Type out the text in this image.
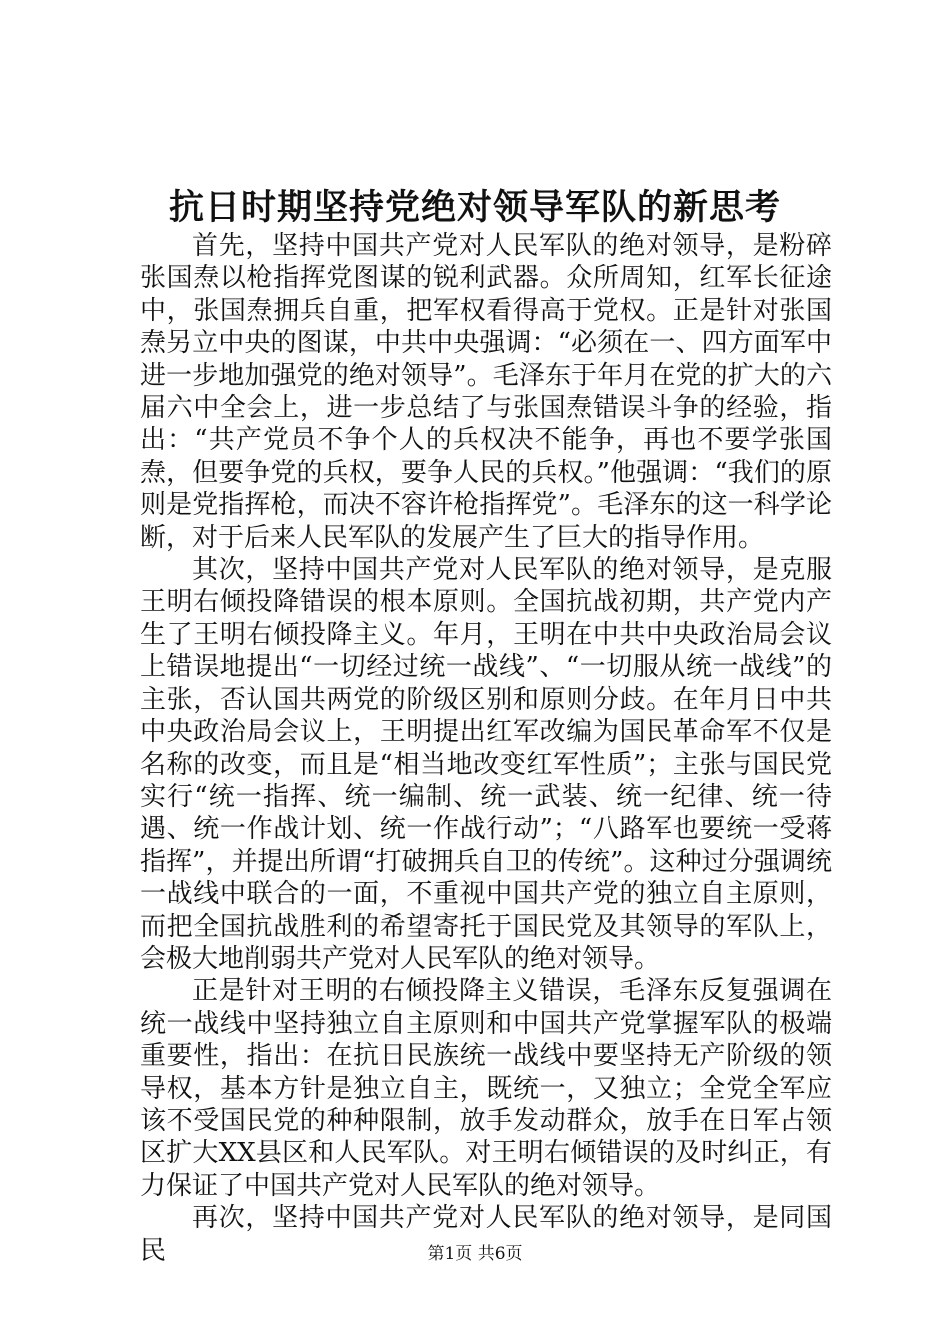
抗日时期坚持党绝对领导军队的新思考

首先，坚持中国共产党对人民军队的绝对领导，是粉碎张国焘以枪指挥党图谋的锐利武器。众所周知，红军长征途中，张国焘拥兵自重，把军权看得高于党权。正是针对张国焘另立中央的图谋，中共中央强调：“必须在一、四方面军中进一步地加强党的绝对领导”。毛泽东于年月在党的扩大的六届六中全会上，进一步总结了与张国焘错误斗争的经验，指出：“共产党员不争个人的兵权决不能争，再也不要学张国焘，但要争党的兵权，要争人民的兵权。”他强调：“我们的原则是党指挥枪，而决不容许枪指挥党”。毛泽东的这一科学论断，对于后来人民军队的发展产生了巨大的指导作用。

其次，坚持中国共产党对人民军队的绝对领导，是克服王明右倾投降错误的根本原则。全国抗战初期，共产党内产生了王明右倾投降主义。年月，王明在中共中央政治局会议上错误地提出“一切经过统一战线”、“一切服从统一战线”的主张，否认国共两党的阶级区别和原则分歧。在年月日中共中央政治局会议上，王明提出红军改编为国民革命军不仅是名称的改变，而且是“相当地改变红军性质”；主张与国民党实行“统一指挥、统一编制、统一武装、统一纪律、统一待遇、统一作战计划、统一作战行动”；“八路军也要统一受蒋指挥”，并提出所谓“打破拥兵自卫的传统”。这种过分强调统一战线中联合的一面，不重视中国共产党的独立自主原则，而把全国抗战胜利的希望寄托于国民党及其领导的军队上，会极大地削弱共产党对人民军队的绝对领导。

正是针对王明的右倾投降主义错误，毛泽东反复强调在统一战线中坚持独立自主原则和中国共产党掌握军队的极端重要性，指出：在抗日民族统一战线中要坚持无产阶级的领导权，基本方针是独立自主，既统一，又独立；全党全军应该不受国民党的种种限制，放手发动群众，放手在日军占领区扩大XX县区和人民军队。对王明右倾错误的及时纠正，有力保证了中国共产党对人民军队的绝对领导。

再次，坚持中国共产党对人民军队的绝对领导，是同国民	第1页 共6页
